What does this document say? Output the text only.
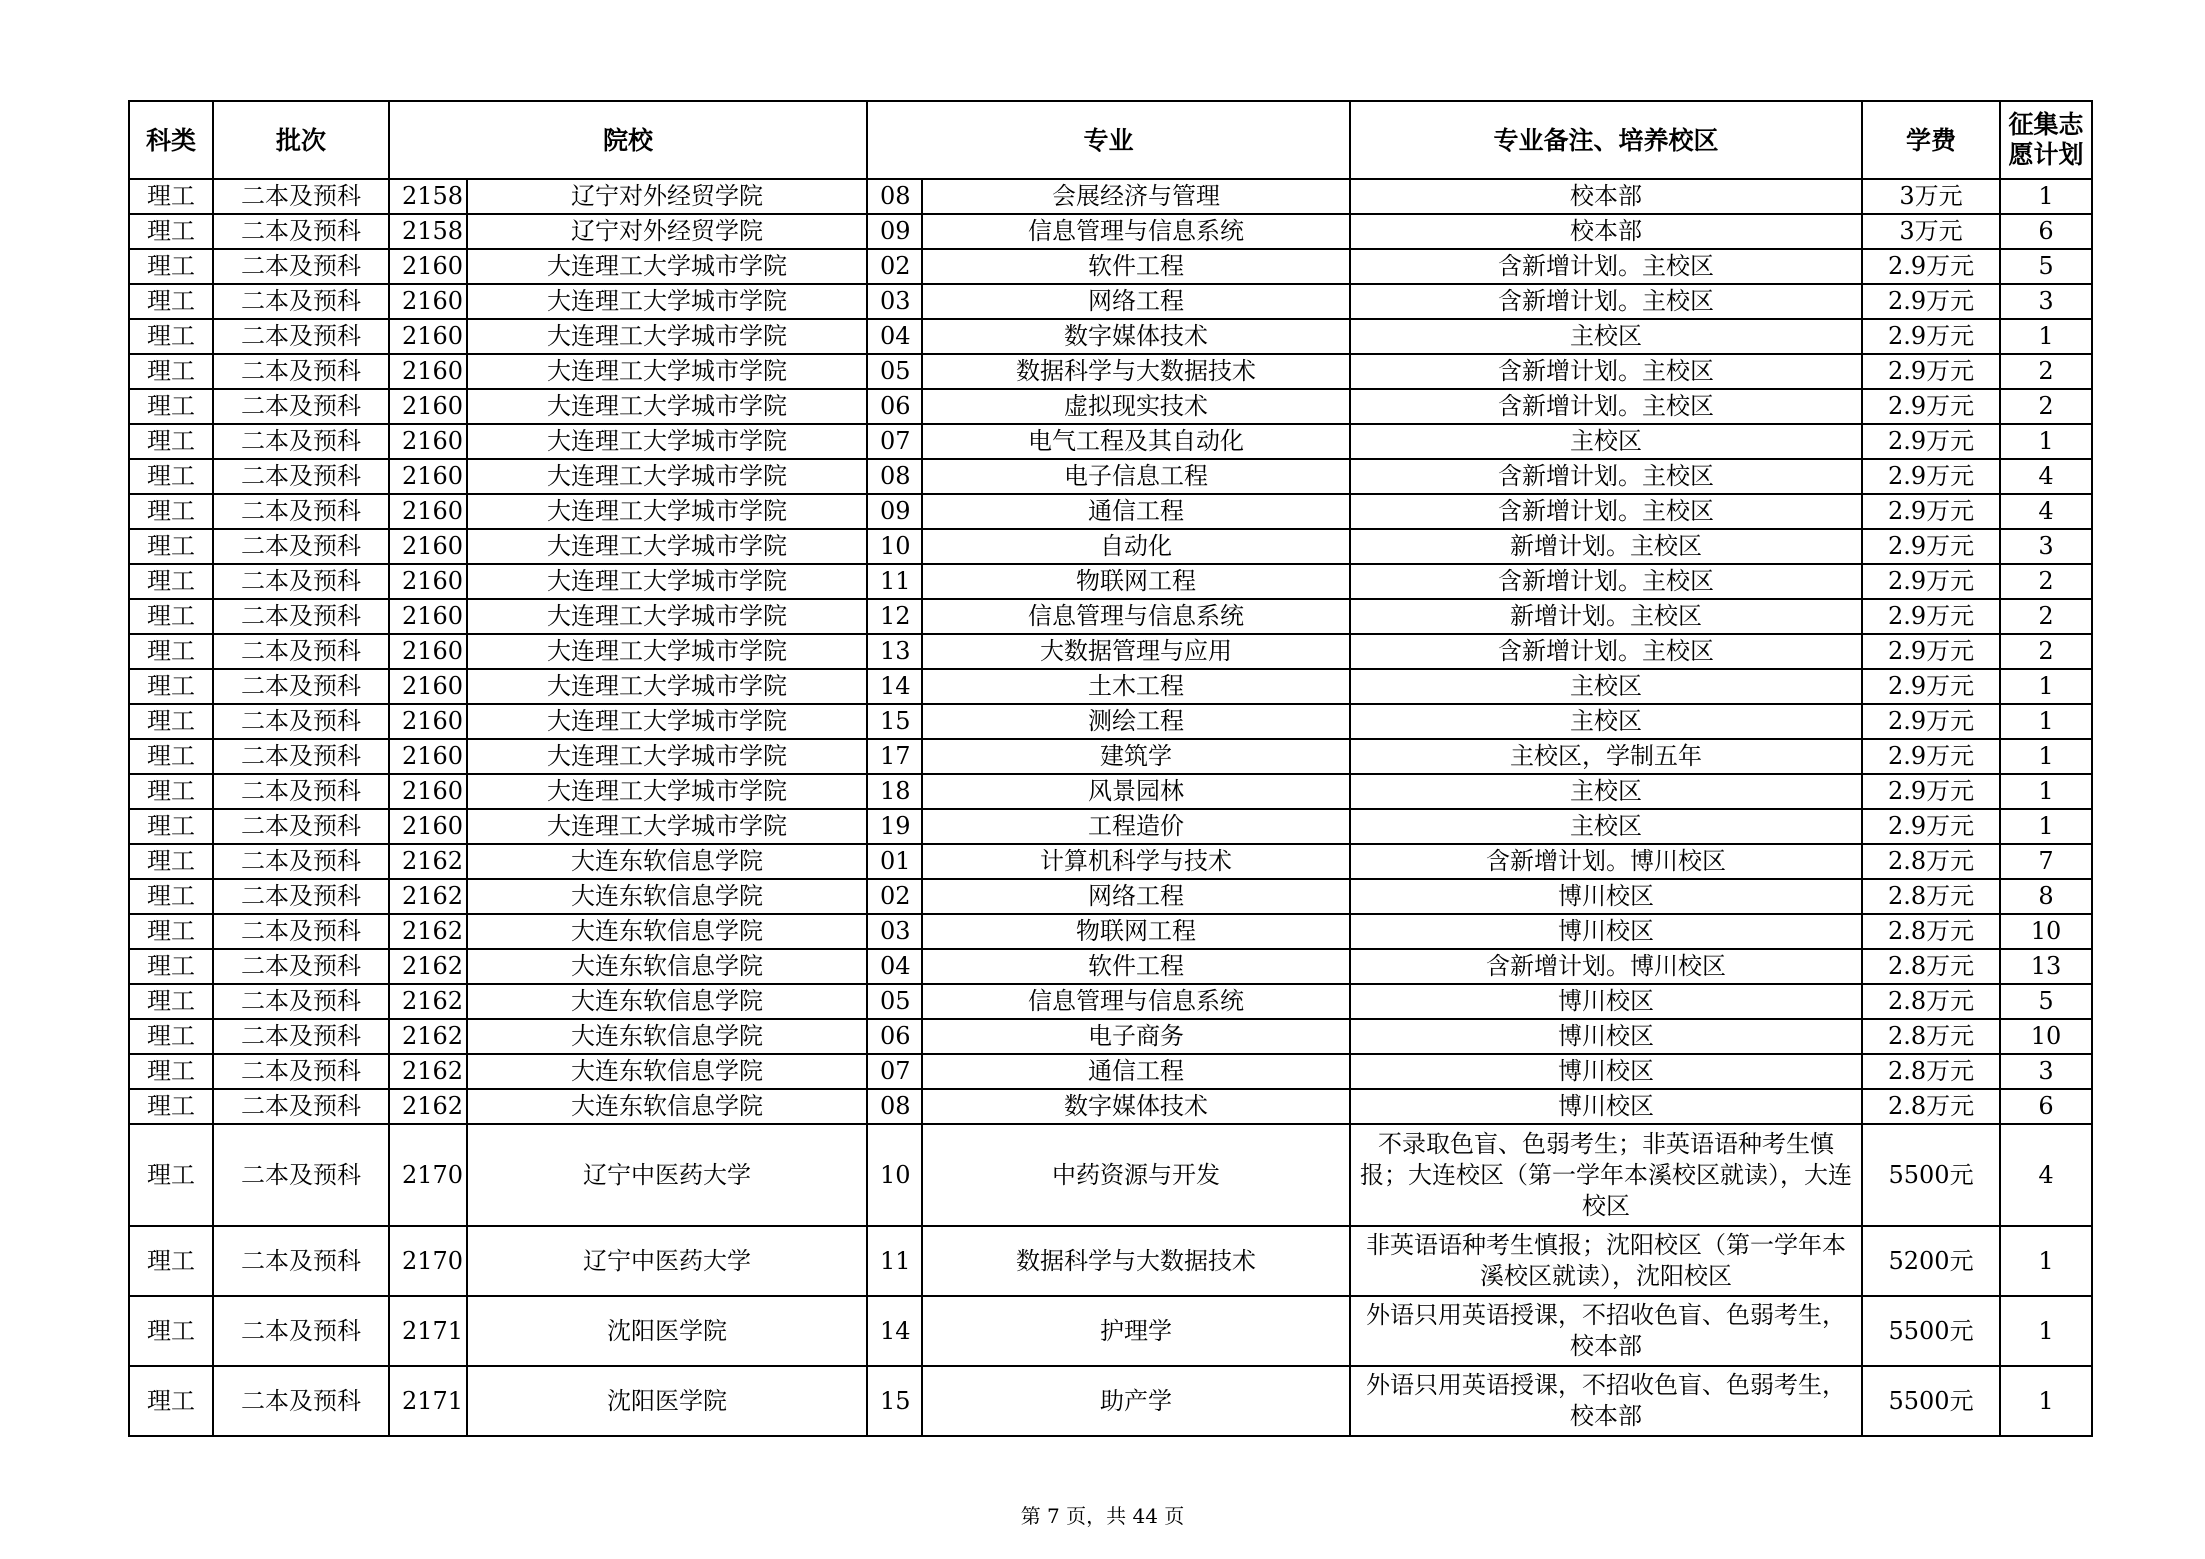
科类	批次	院校		专业		专业备注、培养校区	学费	征集志愿计划
理工	二本及预科	2158	辽宁对外经贸学院	08	会展经济与管理	校本部	3万元	1
理工	二本及预科	2158	辽宁对外经贸学院	09	信息管理与信息系统	校本部	3万元	6
理工	二本及预科	2160	大连理工大学城市学院	02	软件工程	含新增计划。主校区	2.9万元	5
理工	二本及预科	2160	大连理工大学城市学院	03	网络工程	含新增计划。主校区	2.9万元	3
理工	二本及预科	2160	大连理工大学城市学院	04	数字媒体技术	主校区	2.9万元	1
理工	二本及预科	2160	大连理工大学城市学院	05	数据科学与大数据技术	含新增计划。主校区	2.9万元	2
理工	二本及预科	2160	大连理工大学城市学院	06	虚拟现实技术	含新增计划。主校区	2.9万元	2
理工	二本及预科	2160	大连理工大学城市学院	07	电气工程及其自动化	主校区	2.9万元	1
理工	二本及预科	2160	大连理工大学城市学院	08	电子信息工程	含新增计划。主校区	2.9万元	4
理工	二本及预科	2160	大连理工大学城市学院	09	通信工程	含新增计划。主校区	2.9万元	4
理工	二本及预科	2160	大连理工大学城市学院	10	自动化	新增计划。主校区	2.9万元	3
理工	二本及预科	2160	大连理工大学城市学院	11	物联网工程	含新增计划。主校区	2.9万元	2
理工	二本及预科	2160	大连理工大学城市学院	12	信息管理与信息系统	新增计划。主校区	2.9万元	2
理工	二本及预科	2160	大连理工大学城市学院	13	大数据管理与应用	含新增计划。主校区	2.9万元	2
理工	二本及预科	2160	大连理工大学城市学院	14	土木工程	主校区	2.9万元	1
理工	二本及预科	2160	大连理工大学城市学院	15	测绘工程	主校区	2.9万元	1
理工	二本及预科	2160	大连理工大学城市学院	17	建筑学	主校区，学制五年	2.9万元	1
理工	二本及预科	2160	大连理工大学城市学院	18	风景园林	主校区	2.9万元	1
理工	二本及预科	2160	大连理工大学城市学院	19	工程造价	主校区	2.9万元	1
理工	二本及预科	2162	大连东软信息学院	01	计算机科学与技术	含新增计划。博川校区	2.8万元	7
理工	二本及预科	2162	大连东软信息学院	02	网络工程	博川校区	2.8万元	8
理工	二本及预科	2162	大连东软信息学院	03	物联网工程	博川校区	2.8万元	10
理工	二本及预科	2162	大连东软信息学院	04	软件工程	含新增计划。博川校区	2.8万元	13
理工	二本及预科	2162	大连东软信息学院	05	信息管理与信息系统	博川校区	2.8万元	5
理工	二本及预科	2162	大连东软信息学院	06	电子商务	博川校区	2.8万元	10
理工	二本及预科	2162	大连东软信息学院	07	通信工程	博川校区	2.8万元	3
理工	二本及预科	2162	大连东软信息学院	08	数字媒体技术	博川校区	2.8万元	6
理工	二本及预科	2170	辽宁中医药大学	10	中药资源与开发	不录取色盲、色弱考生；非英语语种考生慎报；大连校区（第一学年本溪校区就读），大连校区	5500元	4
理工	二本及预科	2170	辽宁中医药大学	11	数据科学与大数据技术	非英语语种考生慎报；沈阳校区（第一学年本溪校区就读），沈阳校区	5200元	1
理工	二本及预科	2171	沈阳医学院	14	护理学	外语只用英语授课，不招收色盲、色弱考生，校本部	5500元	1
理工	二本及预科	2171	沈阳医学院	15	助产学	外语只用英语授课，不招收色盲、色弱考生，校本部	5500元	1
第 7 页，共 44 页
